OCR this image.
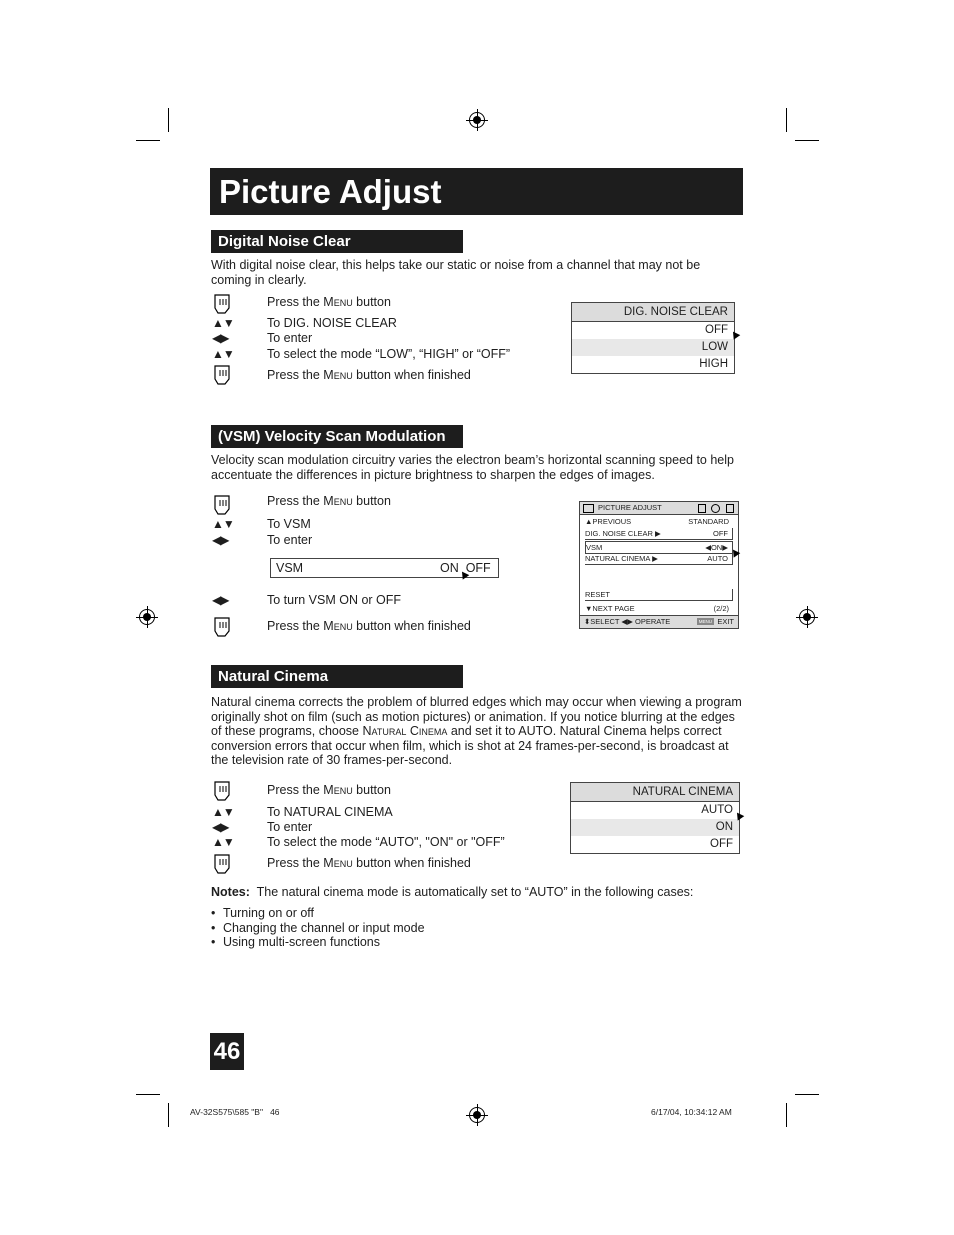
Picture Adjust
Digital Noise Clear
With digital noise clear, this helps take our static or noise from a channel that may not be coming in clearly.
Press the Menu button
▲▼	To DIG. NOISE CLEAR
◀▶	To enter
▲▼	To select the mode “LOW”, “HIGH” or “OFF”
Press the Menu button when finished
DIG. NOISE CLEAR
OFF
LOW
HIGH
(VSM) Velocity Scan Modulation
Velocity scan modulation circuitry varies the electron beam’s horizontal scanning speed to help accentuate the differences in picture brightness to sharpen the edges of images.
Press the Menu button
▲▼	To VSM
◀▶	To enter
VSM	ON  OFF
◀▶	To turn VSM ON or OFF
Press the Menu button when finished
PICTURE ADJUST
▲PREVIOUS	STANDARD
DIG. NOISE CLEAR ▶	OFF
VSM	◀ON▶
NATURAL CINEMA ▶	AUTO
RESET
▼NEXT PAGE	(2/2)
⬍SELECT ◀▶ OPERATE	MENU EXIT
Natural Cinema
Natural cinema corrects the problem of blurred edges which may occur when viewing a program originally shot on film (such as motion pictures) or animation. If you notice blurring at the edges of these programs, choose Natural Cinema and set it to AUTO. Natural Cinema helps correct conversion errors that occur when film, which is shot at 24 frames-per-second, is broadcast at the television rate of 30 frames-per-second.
Press the Menu button
▲▼	To NATURAL CINEMA
◀▶	To enter
▲▼	To select the mode “AUTO", "ON" or "OFF”
Press the Menu button when finished
NATURAL CINEMA
AUTO
ON
OFF
Notes:  The natural cinema mode is automatically set to “AUTO” in the following cases:
• Turning on or off
• Changing the channel or input mode
• Using multi-screen functions
46
AV-32S575\585 "B"   46	6/17/04, 10:34:12 AM
